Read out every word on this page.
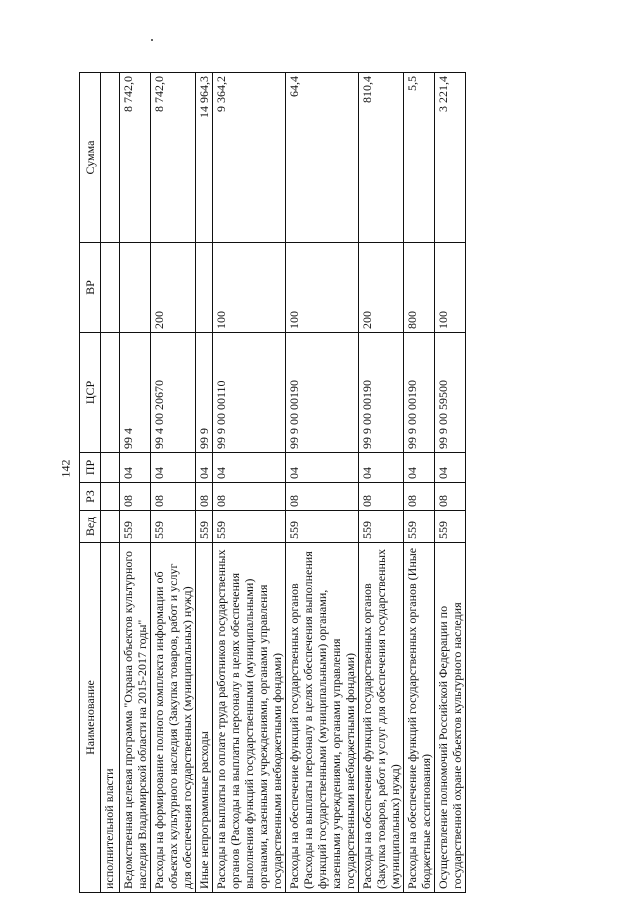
142
Наименование	Вед	РЗ	ПР	ЦСР	ВР	Сумма
исполнительной власти						
Ведомственная целевая программа "Охрана объектов культурного наследия Владимирской области на 2015-2017 годы"	559	08	04	99 4		8 742,0
Расходы на формирование полного комплекта информации об объектах культурного наследия (Закупка товаров, работ и услуг для обеспечения государственных (муниципальных) нужд)	559	08	04	99 4 00 20670	200	8 742,0
Иные непрограммные расходы	559	08	04	99 9		14 964,3
Расходы на выплаты по оплате труда работников государственных органов (Расходы на выплаты персоналу в целях обеспечения выполнения функций государственными (муниципальными) органами, казенными учреждениями, органами управления государственными внебюджетными фондами)	559	08	04	99 9 00 00110	100	9 364,2
Расходы на обеспечение функций государственных органов (Расходы на выплаты персоналу в целях обеспечения выполнения функций государственными (муниципальными) органами, казенными учреждениями, органами управления государственными внебюджетными фондами)	559	08	04	99 9 00 00190	100	64,4
Расходы на обеспечение функций государственных органов (Закупка товаров, работ и услуг для обеспечения государственных (муниципальных) нужд)	559	08	04	99 9 00 00190	200	810,4
Расходы на обеспечение функций государственных органов (Иные бюджетные ассигнования)	559	08	04	99 9 00 00190	800	5,5
Осуществление полномочий Российской Федерации по государственной охране объектов культурного наследия	559	08	04	99 9 00 59500	100	3 221,4
